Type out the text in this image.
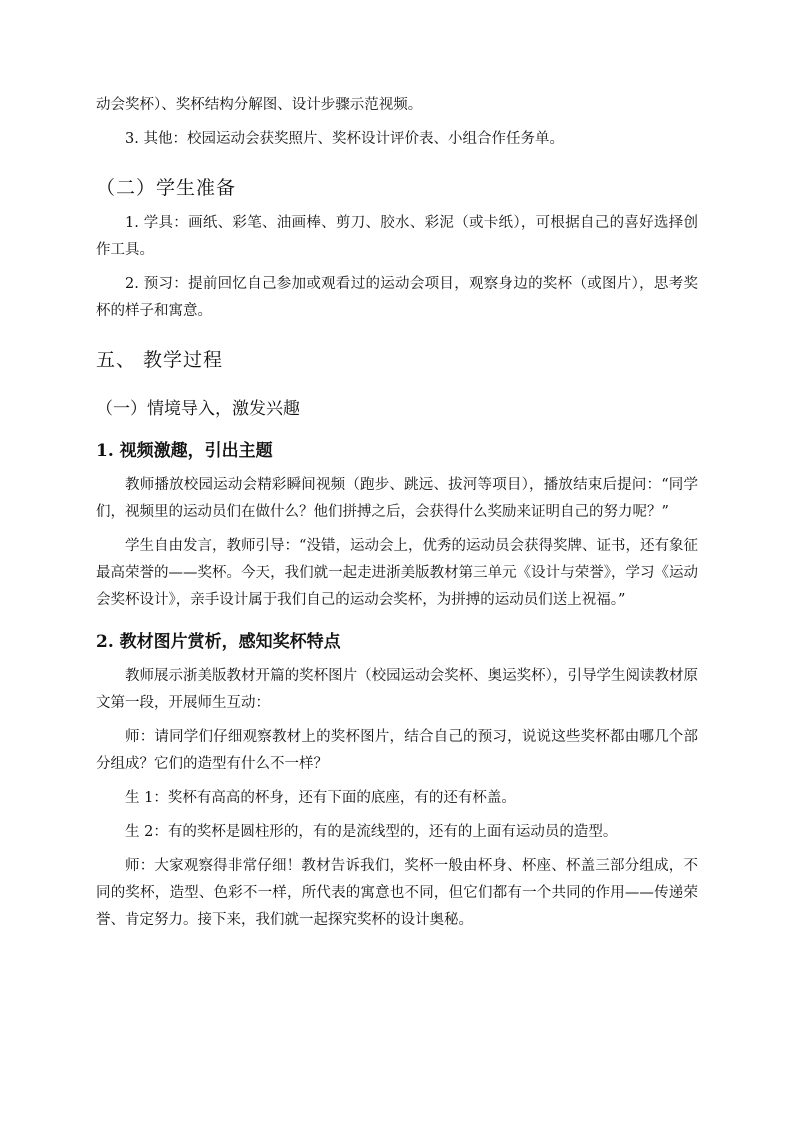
动会奖杯）、奖杯结构分解图、设计步骤示范视频。

3. 其他：校园运动会获奖照片、奖杯设计评价表、小组合作任务单。

（二）学生准备

1. 学具：画纸、彩笔、油画棒、剪刀、胶水、彩泥（或卡纸），可根据自己的喜好选择创作工具。

2. 预习：提前回忆自己参加或观看过的运动会项目，观察身边的奖杯（或图片），思考奖杯的样子和寓意。

五、 教学过程
（一）情境导入，激发兴趣
1. 视频激趣，引出主题

教师播放校园运动会精彩瞬间视频（跑步、跳远、拔河等项目），播放结束后提问：“同学们，视频里的运动员们在做什么？他们拼搏之后，会获得什么奖励来证明自己的努力呢？”

学生自由发言，教师引导：“没错，运动会上，优秀的运动员会获得奖牌、证书，还有象征最高荣誉的——奖杯。今天，我们就一起走进浙美版教材第三单元《设计与荣誉》，学习《运动会奖杯设计》，亲手设计属于我们自己的运动会奖杯，为拼搏的运动员们送上祝福。”

2. 教材图片赏析，感知奖杯特点

教师展示浙美版教材开篇的奖杯图片（校园运动会奖杯、奥运奖杯），引导学生阅读教材原文第一段，开展师生互动：

师：请同学们仔细观察教材上的奖杯图片，结合自己的预习，说说这些奖杯都由哪几个部分组成？它们的造型有什么不一样？

生 1：奖杯有高高的杯身，还有下面的底座，有的还有杯盖。

生 2：有的奖杯是圆柱形的，有的是流线型的，还有的上面有运动员的造型。

师：大家观察得非常仔细！教材告诉我们，奖杯一般由杯身、杯座、杯盖三部分组成，不同的奖杯，造型、色彩不一样，所代表的寓意也不同，但它们都有一个共同的作用——传递荣誉、肯定努力。接下来，我们就一起探究奖杯的设计奥秘。
